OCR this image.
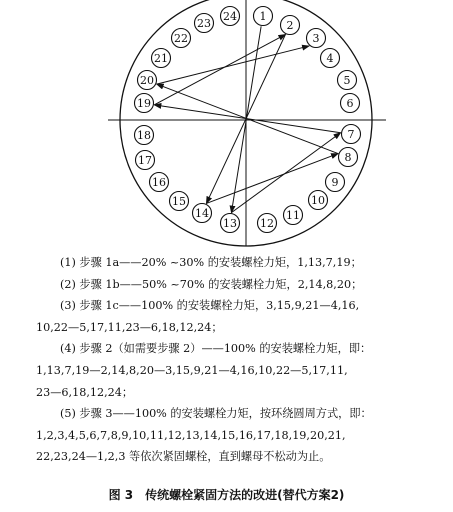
1
2
3
4
5
6
7
8
9
10
11
12
13
14
15
16
17
18
19
20
21
22
23
24
(1) 步骤 1a——20% ~30% 的安装螺栓力矩，1,13,7,19；
(2) 步骤 1b——50% ~70% 的安装螺栓力矩，2,14,8,20；
(3) 步骤 1c——100% 的安装螺栓力矩，3,15,9,21—4,16,
10,22—5,17,11,23—6,18,12,24；
(4) 步骤 2（如需要步骤 2）——100% 的安装螺栓力矩，即：
1,13,7,19—2,14,8,20—3,15,9,21—4,16,10,22—5,17,11,
23—6,18,12,24；
(5) 步骤 3——100% 的安装螺栓力矩，按环绕圆周方式，即：
1,2,3,4,5,6,7,8,9,10,11,12,13,14,15,16,17,18,19,20,21,
22,23,24—1,2,3 等依次紧固螺栓，直到螺母不松动为止。
图 3　传统螺栓紧固方法的改进(替代方案2)
